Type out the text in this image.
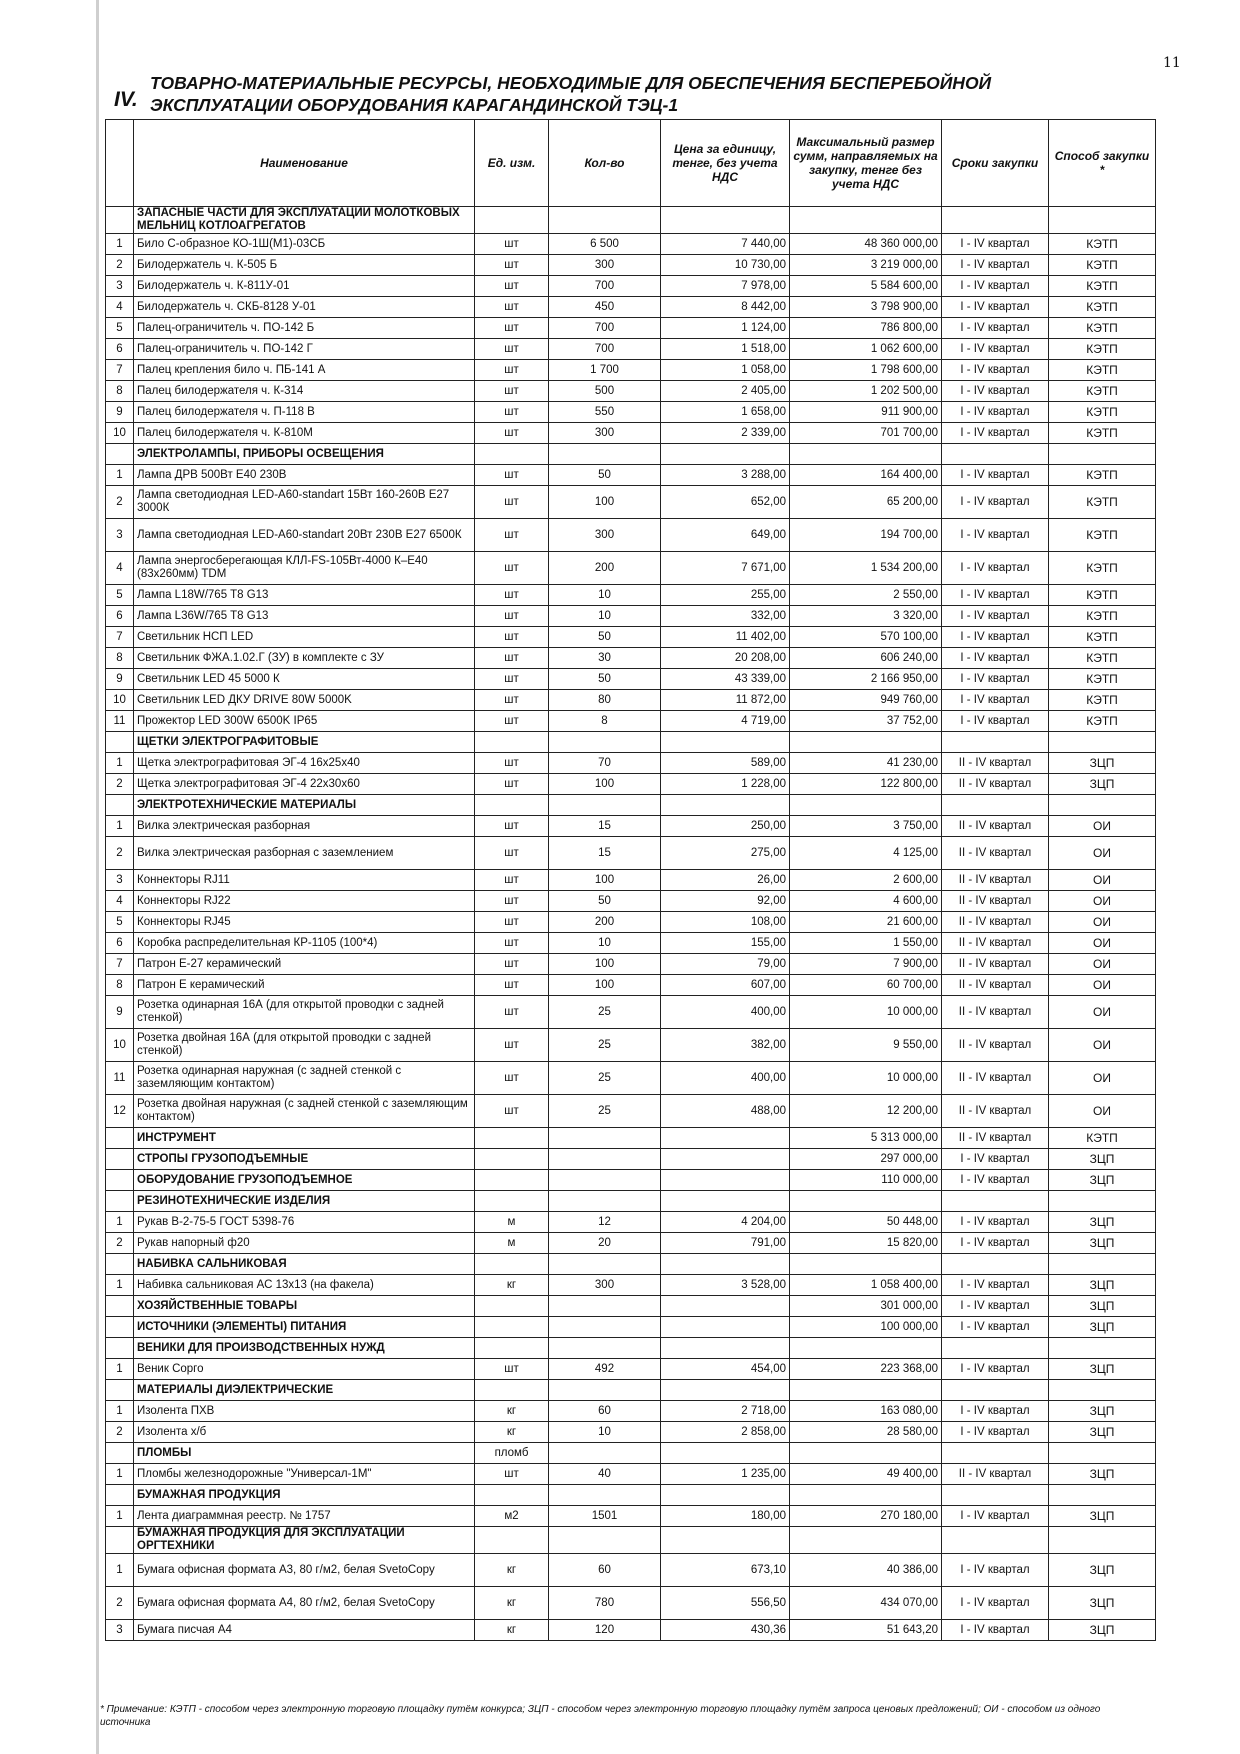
11
IV.
ТОВАРНО-МАТЕРИАЛЬНЫЕ РЕСУРСЫ, НЕОБХОДИМЫЕ ДЛЯ ОБЕСПЕЧЕНИЯ БЕСПЕРЕБОЙНОЙ ЭКСПЛУАТАЦИИ ОБОРУДОВАНИЯ КАРАГАНДИНСКОЙ ТЭЦ-1
	Наименование	Ед. изм.	Кол-во	Цена за единицу, тенге, без учета НДС	Максимальный размер сумм, направляемых на закупку, тенге без учета НДС	Сроки закупки	Способ закупки *
	ЗАПАСНЫЕ ЧАСТИ ДЛЯ ЭКСПЛУАТАЦИИ МОЛОТКОВЫХ МЕЛЬНИЦ КОТЛОАГРЕГАТОВ						
1	Било С-образное КО-1Ш(М1)-03СБ	шт	6 500	7 440,00	48 360 000,00	I - IV квартал	КЭТП
2	Билодержатель ч. К-505 Б	шт	300	10 730,00	3 219 000,00	I - IV квартал	КЭТП
3	Билодержатель ч. К-811У-01	шт	700	7 978,00	5 584 600,00	I - IV квартал	КЭТП
4	Билодержатель ч. СКБ-8128 У-01	шт	450	8 442,00	3 798 900,00	I - IV квартал	КЭТП
5	Палец-ограничитель ч. ПО-142 Б	шт	700	1 124,00	786 800,00	I - IV квартал	КЭТП
6	Палец-ограничитель ч. ПО-142 Г	шт	700	1 518,00	1 062 600,00	I - IV квартал	КЭТП
7	Палец крепления било ч. ПБ-141 А	шт	1 700	1 058,00	1 798 600,00	I - IV квартал	КЭТП
8	Палец билодержателя ч. К-314	шт	500	2 405,00	1 202 500,00	I - IV квартал	КЭТП
9	Палец билодержателя ч. П-118 В	шт	550	1 658,00	911 900,00	I - IV квартал	КЭТП
10	Палец билодержателя ч. К-810М	шт	300	2 339,00	701 700,00	I - IV квартал	КЭТП
	ЭЛЕКТРОЛАМПЫ, ПРИБОРЫ ОСВЕЩЕНИЯ						
1	Лампа ДРВ 500Вт Е40 230В	шт	50	3 288,00	164 400,00	I - IV квартал	КЭТП
2	Лампа светодиодная LED-А60-standart 15Вт 160-260В Е27 3000К	шт	100	652,00	65 200,00	I - IV квартал	КЭТП
3	Лампа светодиодная LED-А60-standart 20Вт 230В Е27 6500К	шт	300	649,00	194 700,00	I - IV квартал	КЭТП
4	Лампа энергосберегающая КЛЛ-FS-105Вт-4000 К–Е40 (83х260мм) TDM	шт	200	7 671,00	1 534 200,00	I - IV квартал	КЭТП
5	Лампа L18W/765 T8 G13	шт	10	255,00	2 550,00	I - IV квартал	КЭТП
6	Лампа L36W/765 T8 G13	шт	10	332,00	3 320,00	I - IV квартал	КЭТП
7	Светильник НСП LED	шт	50	11 402,00	570 100,00	I - IV квартал	КЭТП
8	Светильник ФЖА.1.02.Г (ЗУ) в комплекте с ЗУ	шт	30	20 208,00	606 240,00	I - IV квартал	КЭТП
9	Светильник LED 45 5000 К	шт	50	43 339,00	2 166 950,00	I - IV квартал	КЭТП
10	Светильник LED ДКУ DRIVE 80W 5000K	шт	80	11 872,00	949 760,00	I - IV квартал	КЭТП
11	Прожектор LED 300W 6500K IP65	шт	8	4 719,00	37 752,00	I - IV квартал	КЭТП
	ЩЕТКИ ЭЛЕКТРОГРАФИТОВЫЕ						
1	Щетка электрографитовая ЭГ-4 16х25х40	шт	70	589,00	41 230,00	II - IV квартал	ЗЦП
2	Щетка электрографитовая ЭГ-4 22х30х60	шт	100	1 228,00	122 800,00	II - IV квартал	ЗЦП
	ЭЛЕКТРОТЕХНИЧЕСКИЕ МАТЕРИАЛЫ						
1	Вилка электрическая разборная	шт	15	250,00	3 750,00	II - IV квартал	ОИ
2	Вилка электрическая разборная с заземлением	шт	15	275,00	4 125,00	II - IV квартал	ОИ
3	Коннекторы RJ11	шт	100	26,00	2 600,00	II - IV квартал	ОИ
4	Коннекторы RJ22	шт	50	92,00	4 600,00	II - IV квартал	ОИ
5	Коннекторы RJ45	шт	200	108,00	21 600,00	II - IV квартал	ОИ
6	Коробка распределительная КР-1105 (100*4)	шт	10	155,00	1 550,00	II - IV квартал	ОИ
7	Патрон Е-27 керамический	шт	100	79,00	7 900,00	II - IV квартал	ОИ
8	Патрон Е керамический	шт	100	607,00	60 700,00	II - IV квартал	ОИ
9	Розетка одинарная 16А (для открытой проводки с задней стенкой)	шт	25	400,00	10 000,00	II - IV квартал	ОИ
10	Розетка двойная 16А (для открытой проводки с задней стенкой)	шт	25	382,00	9 550,00	II - IV квартал	ОИ
11	Розетка одинарная наружная (с задней стенкой с заземляющим контактом)	шт	25	400,00	10 000,00	II - IV квартал	ОИ
12	Розетка двойная наружная (с задней стенкой с заземляющим контактом)	шт	25	488,00	12 200,00	II - IV квартал	ОИ
	ИНСТРУМЕНТ				5 313 000,00	II - IV квартал	КЭТП
	СТРОПЫ ГРУЗОПОДЪЕМНЫЕ				297 000,00	I - IV квартал	ЗЦП
	ОБОРУДОВАНИЕ ГРУЗОПОДЪЕМНОЕ				110 000,00	I - IV квартал	ЗЦП
	РЕЗИНОТЕХНИЧЕСКИЕ ИЗДЕЛИЯ						
1	Рукав В-2-75-5 ГОСТ 5398-76	м	12	4 204,00	50 448,00	I - IV квартал	ЗЦП
2	Рукав напорный ф20	м	20	791,00	15 820,00	I - IV квартал	ЗЦП
	НАБИВКА САЛЬНИКОВАЯ						
1	Набивка сальниковая АС 13х13 (на факела)	кг	300	3 528,00	1 058 400,00	I - IV квартал	ЗЦП
	ХОЗЯЙСТВЕННЫЕ ТОВАРЫ				301 000,00	I - IV квартал	ЗЦП
	ИСТОЧНИКИ (ЭЛЕМЕНТЫ) ПИТАНИЯ				100 000,00	I - IV квартал	ЗЦП
	ВЕНИКИ ДЛЯ ПРОИЗВОДСТВЕННЫХ НУЖД						
1	Веник Сорго	шт	492	454,00	223 368,00	I - IV квартал	ЗЦП
	МАТЕРИАЛЫ ДИЭЛЕКТРИЧЕСКИЕ						
1	Изолента ПХВ	кг	60	2 718,00	163 080,00	I - IV квартал	ЗЦП
2	Изолента х/б	кг	10	2 858,00	28 580,00	I - IV квартал	ЗЦП
	ПЛОМБЫ	пломб					
1	Пломбы железнодорожные "Универсал-1М"	шт	40	1 235,00	49 400,00	II - IV квартал	ЗЦП
	БУМАЖНАЯ ПРОДУКЦИЯ						
1	Лента диаграммная реестр. № 1757	м2	1501	180,00	270 180,00	I - IV квартал	ЗЦП
	БУМАЖНАЯ ПРОДУКЦИЯ ДЛЯ ЭКСПЛУАТАЦИИ ОРГТЕХНИКИ						
1	Бумага офисная формата А3, 80 г/м2, белая SvetoCopy	кг	60	673,10	40 386,00	I - IV квартал	ЗЦП
2	Бумага офисная формата А4, 80 г/м2, белая SvetoCopy	кг	780	556,50	434 070,00	I - IV квартал	ЗЦП
3	Бумага писчая А4	кг	120	430,36	51 643,20	I - IV квартал	ЗЦП
* Примечание: КЭТП - способом через электронную торговую площадку путём конкурса; ЗЦП - способом через электронную торговую площадку путём запроса ценовых предложений; ОИ - способом из одного источника
